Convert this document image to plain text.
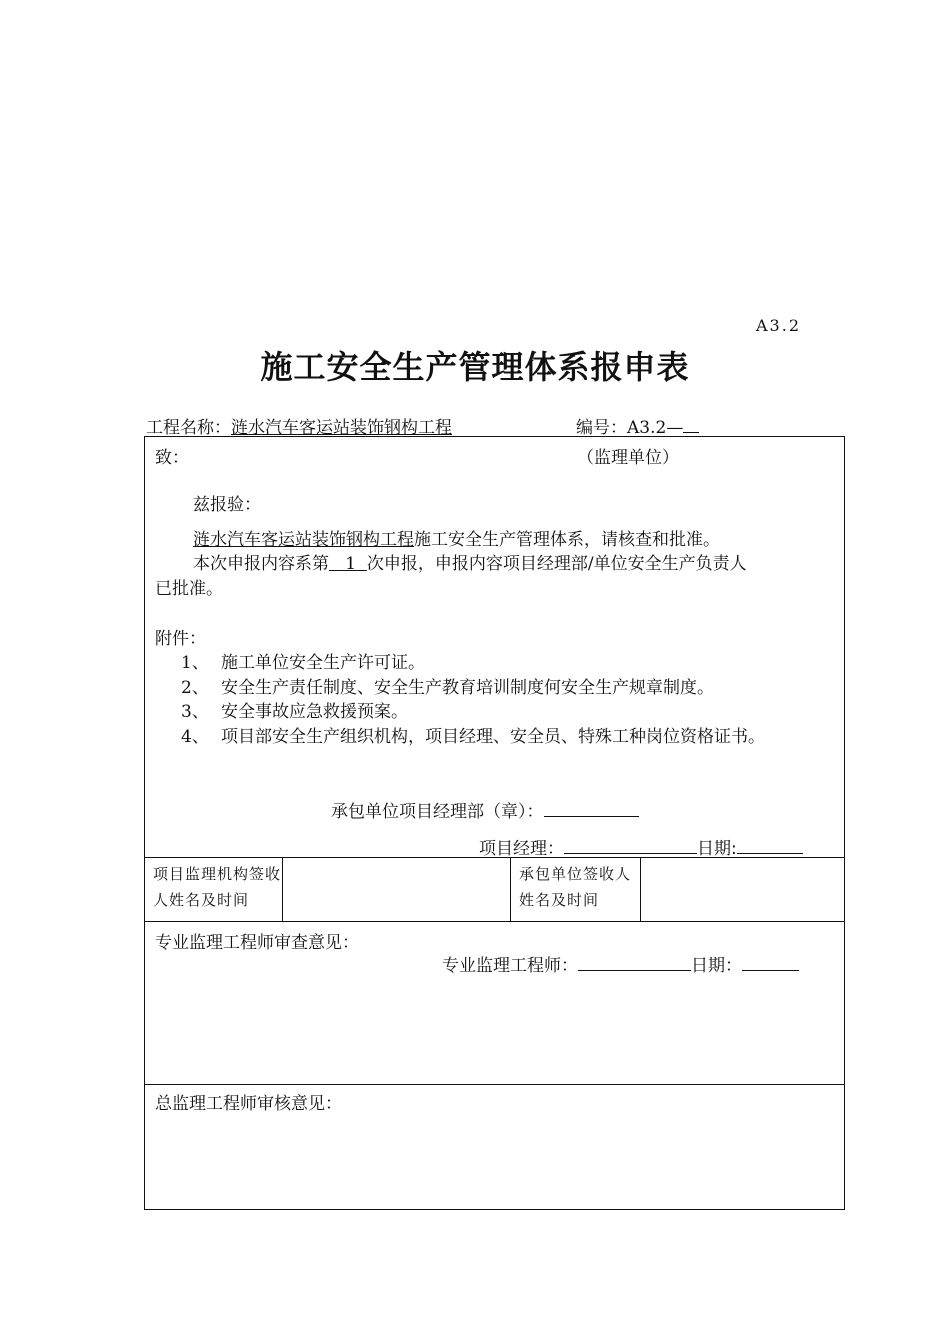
A3.2
施工安全生产管理体系报申表
工程名称：涟水汽车客运站装饰钢构工程	编号：A3.2—
致：	（监理单位）
兹报验：
涟水汽车客运站装饰钢构工程施工安全生产管理体系，请核查和批准。
本次申报内容系第 1 次申报，申报内容项目经理部/单位安全生产负责人
已批准。
附件：
1、 施工单位安全生产许可证。
2、 安全生产责任制度、安全生产教育培训制度何安全生产规章制度。
3、 安全事故应急救援预案。
4、 项目部安全生产组织机构，项目经理、安全员、特殊工种岗位资格证书。
承包单位项目经理部（章）：
项目经理：	日期:

项目监理机构签收人姓名及时间		承包单位签收人姓名及时间	

专业监理工程师审查意见：
专业监理工程师：	日期：

总监理工程师审核意见：
